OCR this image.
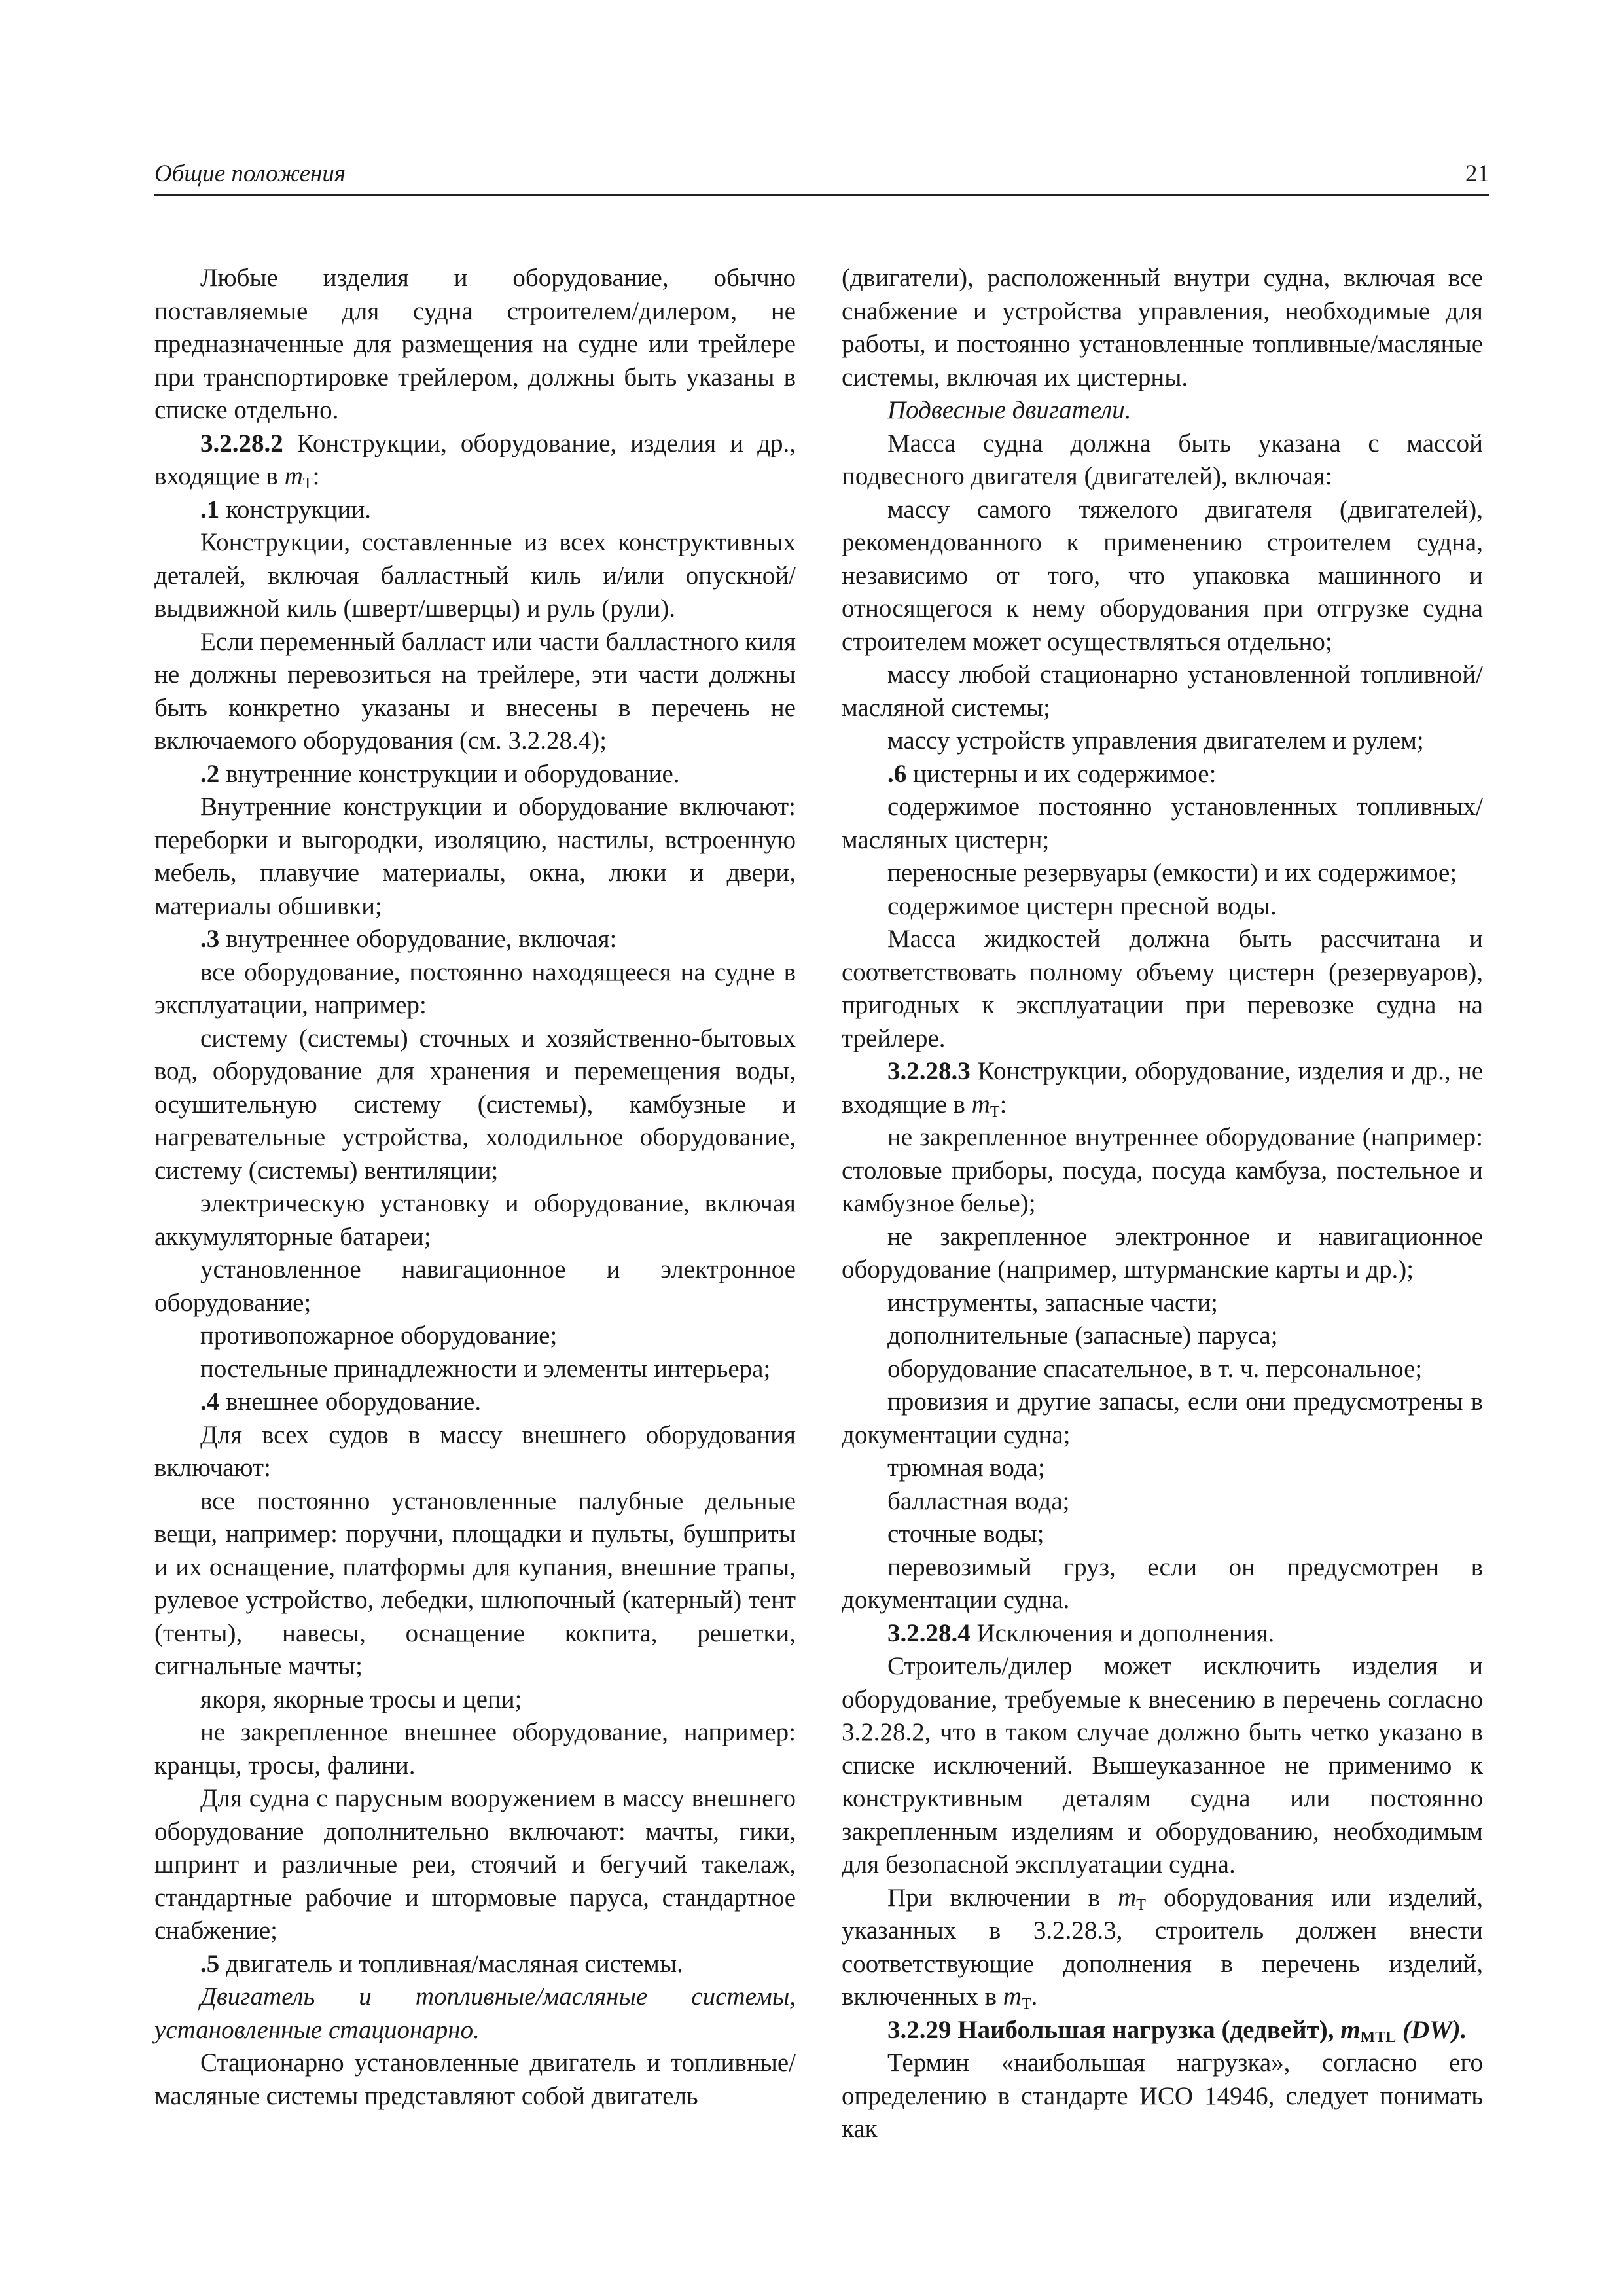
Общие положения	21

Любые изделия и оборудование, обычно поставляемые для судна строителем/дилером, не предназначенные для размещения на судне или трейлере при транспортировке трейлером, должны быть указаны в списке отдельно.

3.2.28.2 Конструкции, оборудование, изделия и др., входящие в $m_T$:

.1 конструкции.

Конструкции, составленные из всех конструктивных деталей, включая балластный киль и/или опускной/выдвижной киль (шверт/шверцы) и руль (рули).

Если переменный балласт или части балластного киля не должны перевозиться на трейлере, эти части должны быть конкретно указаны и внесены в перечень не включаемого оборудования (см. 3.2.28.4);

.2 внутренние конструкции и оборудование.

Внутренние конструкции и оборудование включают: переборки и выгородки, изоляцию, настилы, встроенную мебель, плавучие материалы, окна, люки и двери, материалы обшивки;

.3 внутреннее оборудование, включая:

все оборудование, постоянно находящееся на судне в эксплуатации, например:

систему (системы) сточных и хозяйственно-бытовых вод, оборудование для хранения и перемещения воды, осушительную систему (системы), камбузные и нагревательные устройства, холодильное оборудование, систему (системы) вентиляции;

электрическую установку и оборудование, включая аккумуляторные батареи;

установленное навигационное и электронное оборудование;

противопожарное оборудование;

постельные принадлежности и элементы интерьера;

.4 внешнее оборудование.

Для всех судов в массу внешнего оборудования включают:

все постоянно установленные палубные дельные вещи, например: поручни, площадки и пульты, бушприты и их оснащение, платформы для купания, внешние трапы, рулевое устройство, лебедки, шлюпочный (катерный) тент (тенты), навесы, оснащение кокпита, решетки, сигнальные мачты;

якоря, якорные тросы и цепи;

не закрепленное внешнее оборудование, например: кранцы, тросы, фалини.

Для судна с парусным вооружением в массу внешнего оборудование дополнительно включают: мачты, гики, шпринт и различные реи, стоячий и бегучий такелаж, стандартные рабочие и штормовые паруса, стандартное снабжение;

.5 двигатель и топливная/масляная системы.

Двигатель и топливные/масляные системы, установленные стационарно.

Стационарно установленные двигатель и топливные/масляные системы представляют собой двигатель

(двигатели), расположенный внутри судна, включая все снабжение и устройства управления, необходимые для работы, и постоянно установленные топливные/масляные системы, включая их цистерны.

Подвесные двигатели.

Масса судна должна быть указана с массой подвесного двигателя (двигателей), включая:

массу самого тяжелого двигателя (двигателей), рекомендованного к применению строителем судна, независимо от того, что упаковка машинного и относящегося к нему оборудования при отгрузке судна строителем может осуществляться отдельно;

массу любой стационарно установленной топливной/масляной системы;

массу устройств управления двигателем и рулем;

.6 цистерны и их содержимое:

содержимое постоянно установленных топливных/масляных цистерн;

переносные резервуары (емкости) и их содержимое;

содержимое цистерн пресной воды.

Масса жидкостей должна быть рассчитана и соответствовать полному объему цистерн (резервуаров), пригодных к эксплуатации при перевозке судна на трейлере.

3.2.28.3 Конструкции, оборудование, изделия и др., не входящие в $m_T$:

не закрепленное внутреннее оборудование (например: столовые приборы, посуда, посуда камбуза, постельное и камбузное белье);

не закрепленное электронное и навигационное оборудование (например, штурманские карты и др.);

инструменты, запасные части;

дополнительные (запасные) паруса;

оборудование спасательное, в т. ч. персональное;

провизия и другие запасы, если они предусмотрены в документации судна;

трюмная вода;

балластная вода;

сточные воды;

перевозимый груз, если он предусмотрен в документации судна.

3.2.28.4 Исключения и дополнения.

Строитель/дилер может исключить изделия и оборудование, требуемые к внесению в перечень согласно 3.2.28.2, что в таком случае должно быть четко указано в списке исключений. Вышеуказанное не применимо к конструктивным деталям судна или постоянно закрепленным изделиям и оборудованию, необходимым для безопасной эксплуатации судна.

При включении в $m_T$ оборудования или изделий, указанных в 3.2.28.3, строитель должен внести соответствующие дополнения в перечень изделий, включенных в $m_T$.

3.2.29 Наибольшая нагрузка (дедвейт), $m_{MTL}$ (DW).

Термин «наибольшая нагрузка», согласно его определению в стандарте ИСО 14946, следует понимать как
